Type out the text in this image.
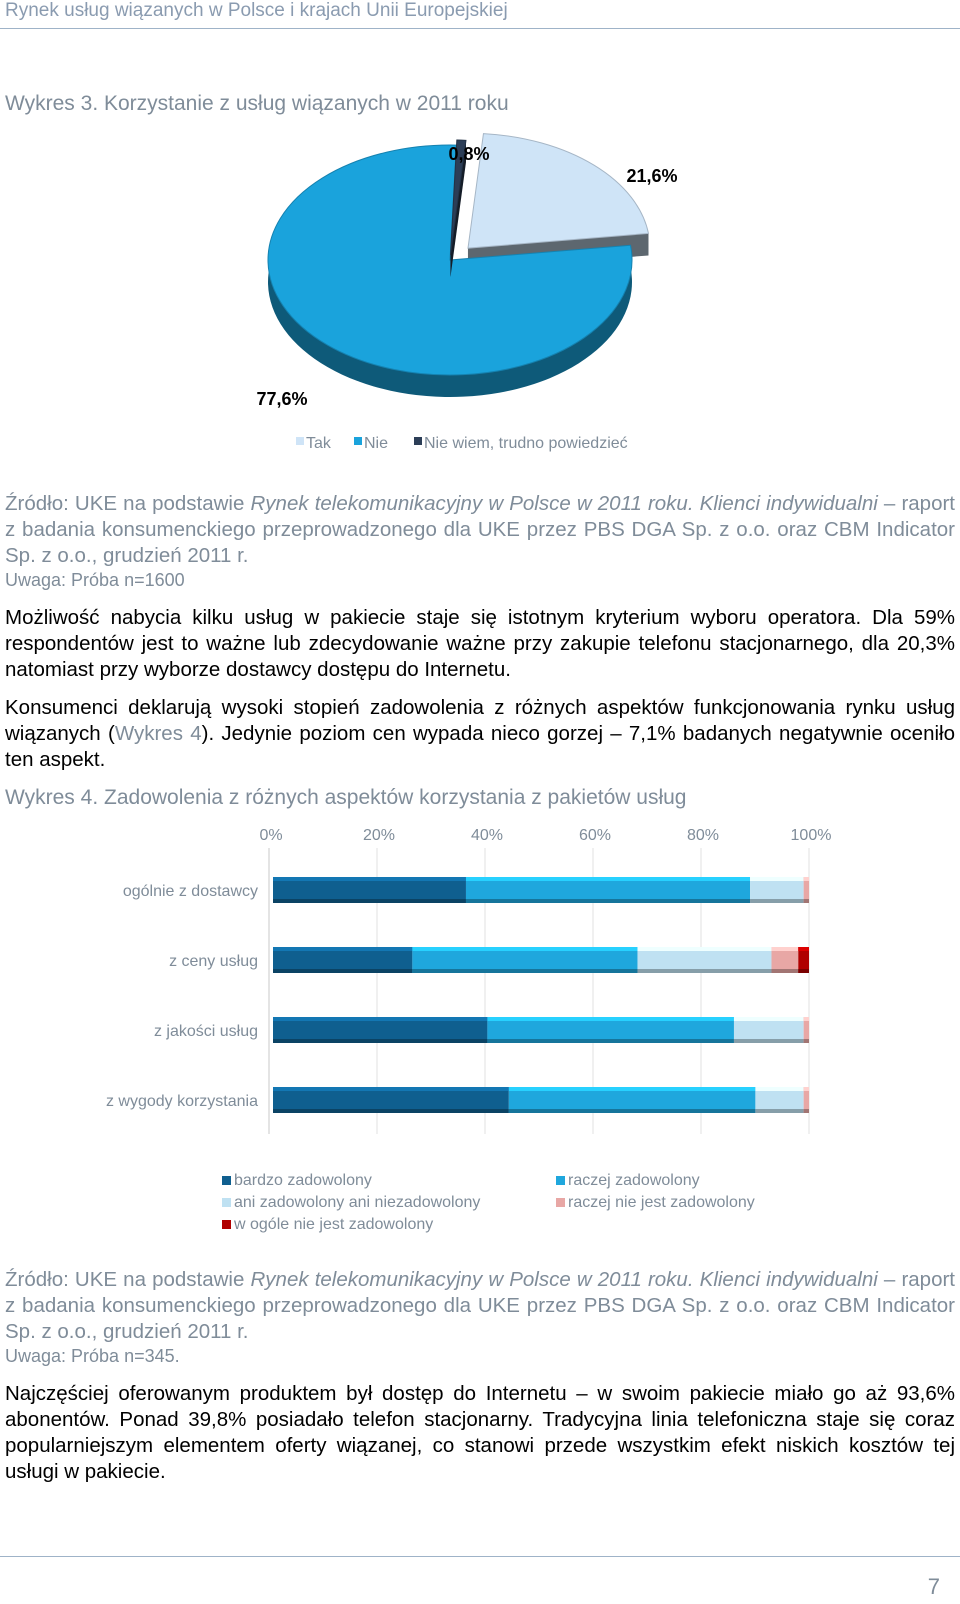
Rynek usług wiązanych w Polsce i krajach Unii Europejskiej
Wykres 3. Korzystanie z usług wiązanych w 2011 roku
21,6%
77,6%
0,8%
Tak Nie Nie wiem, trudno powiedzieć
Źródło: UKE na podstawie Rynek telekomunikacyjny w Polsce w 2011 roku. Klienci indywidualni – raport z badania konsumenckiego przeprowadzonego dla UKE przez PBS DGA Sp. z o.o. oraz CBM Indicator Sp. z o.o., grudzień 2011 r.
Uwaga: Próba n=1600
Możliwość nabycia kilku usług w pakiecie staje się istotnym kryterium wyboru operatora. Dla 59% respondentów jest to ważne lub zdecydowanie ważne przy zakupie telefonu stacjonarnego, dla 20,3% natomiast przy wyborze dostawcy dostępu do Internetu.
Konsumenci deklarują wysoki stopień zadowolenia z różnych aspektów funkcjonowania rynku usług wiązanych (Wykres 4). Jedynie poziom cen wypada nieco gorzej – 7,1% badanych negatywnie oceniło ten aspekt.
Wykres 4. Zadowolenia z różnych aspektów korzystania z pakietów usług
0%	20%	40%	60%	80%	100%
ogólnie z dostawcy
z ceny usług
z jakości usług
z wygody korzystania
bardzo zadowolony	raczej zadowolony
ani zadowolony ani niezadowolony	raczej nie jest zadowolony
w ogóle nie jest zadowolony
Źródło: UKE na podstawie Rynek telekomunikacyjny w Polsce w 2011 roku. Klienci indywidualni – raport z badania konsumenckiego przeprowadzonego dla UKE przez PBS DGA Sp. z o.o. oraz CBM Indicator Sp. z o.o., grudzień 2011 r.
Uwaga: Próba n=345.
Najczęściej oferowanym produktem był dostęp do Internetu – w swoim pakiecie miało go aż 93,6% abonentów. Ponad 39,8% posiadało telefon stacjonarny. Tradycyjna linia telefoniczna staje się coraz popularniejszym elementem oferty wiązanej, co stanowi przede wszystkim efekt niskich kosztów tej usługi w pakiecie.
7
